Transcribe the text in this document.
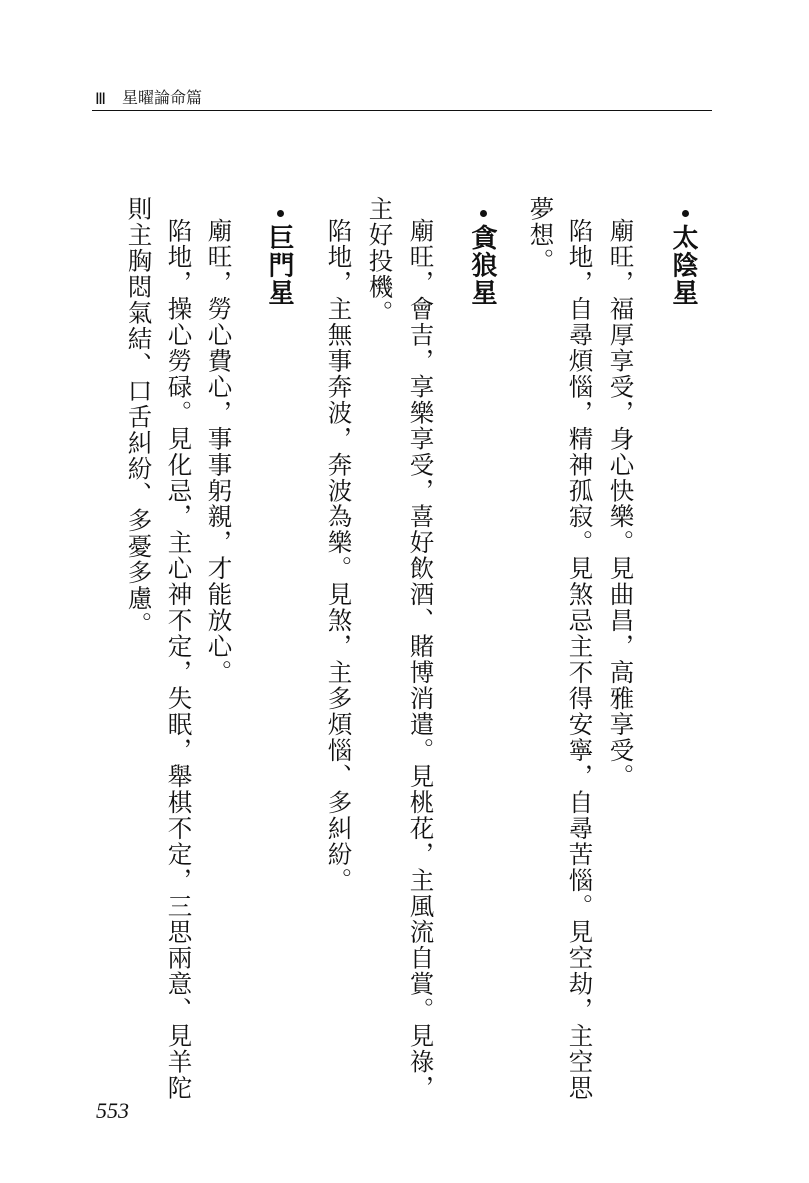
Ⅲ 星曜論命篇
太陰星
廟旺，福厚享受，身心快樂。見曲昌，高雅享受。
陷地，自尋煩惱，精神孤寂。見煞忌主不得安寧，自尋苦惱。見空劫，主空思
夢想。
貪狼星
廟旺，會吉，享樂享受，喜好飲酒、賭博消遣。見桃花，主風流自賞。見祿，
主好投機。
陷地，主無事奔波，奔波為樂。見煞，主多煩惱、多糾紛。
巨門星
廟旺，勞心費心，事事躬親，才能放心。
陷地，操心勞碌。見化忌，主心神不定，失眠，舉棋不定，三思兩意、見羊陀
則主胸悶氣結、口舌糾紛、多憂多慮。
553
